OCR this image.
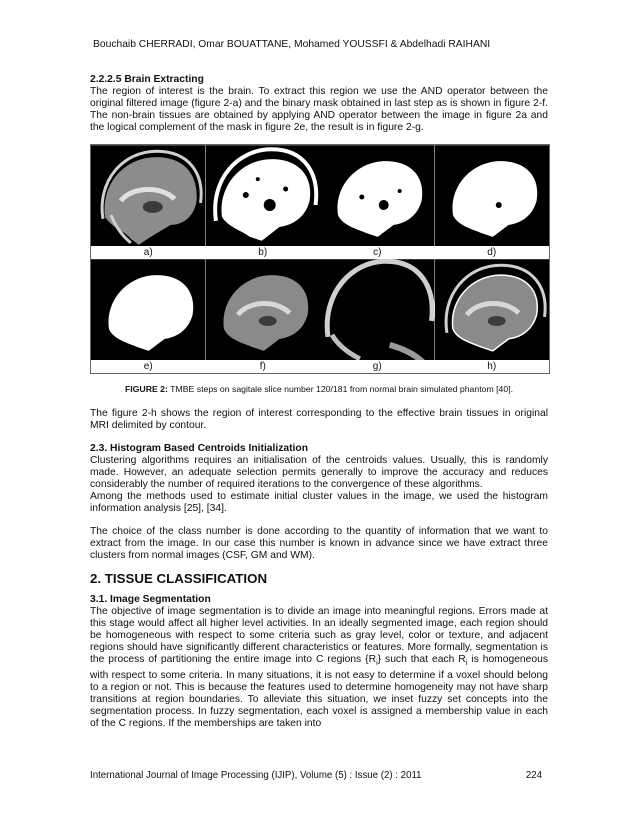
Bouchaib CHERRADI, Omar BOUATTANE, Mohamed YOUSSFI & Abdelhadi RAIHANI

2.2.2.5 Brain Extracting

The region of interest is the brain. To extract this region we use the AND operator between the original filtered image (figure 2-a) and the binary mask obtained in last step as is shown in figure 2-f. The non-brain tissues are obtained by applying AND operator between the image in figure 2a and the logical complement of the mask in figure 2e, the result is in figure 2-g.

a)	b)	c)	d)
e)	f)	g)	h)
FIGURE 2: TMBE steps on sagitale slice number 120/181 from normal brain simulated phantom [40].

The figure 2-h shows the region of interest corresponding to the effective brain tissues in original MRI delimited by contour.

2.3. Histogram Based Centroids Initialization

Clustering algorithms requires an initialisation of the centroids values. Usually, this is randomly made. However, an adequate selection permits generally to improve the accuracy and reduces considerably the number of required iterations to the convergence of these algorithms.

Among the methods used to estimate initial cluster values in the image, we used the histogram information analysis [25], [34].

The choice of the class number is done according to the quantity of information that we want to extract from the image. In our case this number is known in advance since we have extract three clusters from normal images (CSF, GM and WM).

2. TISSUE CLASSIFICATION

3.1. Image Segmentation

The objective of image segmentation is to divide an image into meaningful regions. Errors made at this stage would affect all higher level activities. In an ideally segmented image, each region should be homogeneous with respect to some criteria such as gray level, color or texture, and adjacent regions should have significantly different characteristics or features. More formally, segmentation is the process of partitioning the entire image into C regions $\{R_i\}$ such that each $R_i$ is homogeneous with respect to some criteria. In many situations, it is not easy to determine if a voxel should belong to a region or not. This is because the features used to determine homogeneity may not have sharp transitions at region boundaries. To alleviate this situation, we inset fuzzy set concepts into the segmentation process. In fuzzy segmentation, each voxel is assigned a membership value in each of the C regions. If the memberships are taken into

International Journal of Image Processing (IJIP), Volume (5) : Issue (2) : 2011	224
